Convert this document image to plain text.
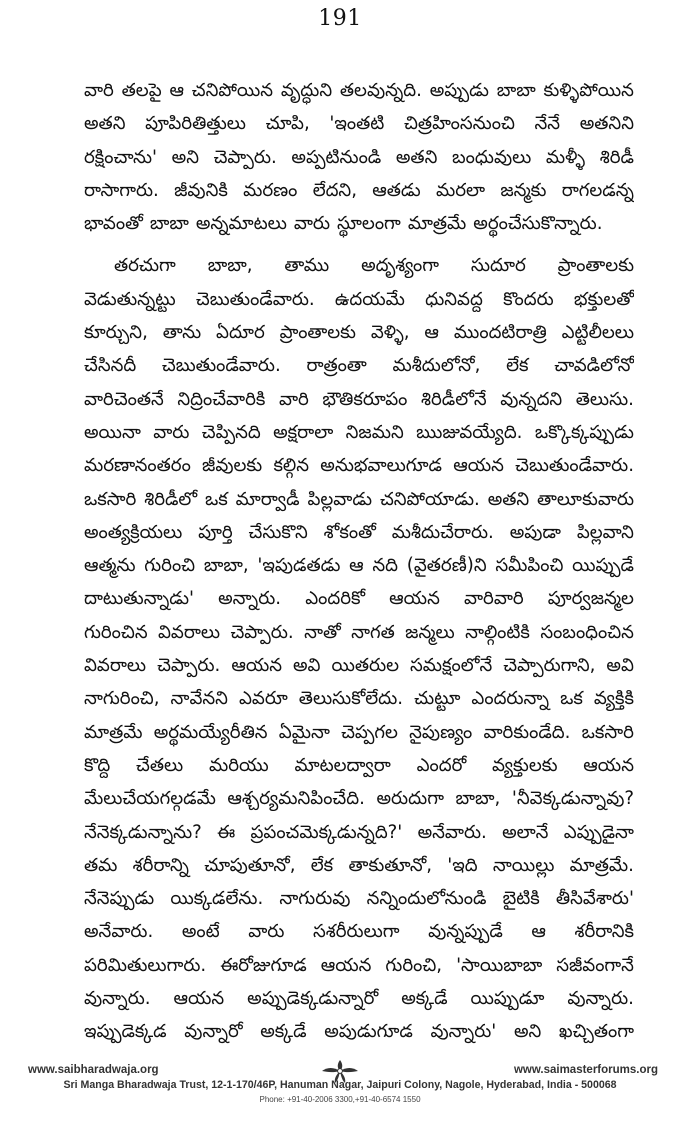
191
వారి తలపై ఆ చనిపోయిన వృద్ధుని తలవున్నది. అప్పుడు బాబా కుళ్ళిపోయిన
అతని పూపిరితిత్తులు చూపి, 'ఇంతటి చిత్రహింసనుంచి నేనే అతనిని
రక్షించాను' అని చెప్పారు. అప్పటినుండి అతని బంధువులు మళ్ళీ శిరిడీ
రాసాగారు. జీవునికి మరణం లేదని, ఆతడు మరలా జన్మకు రాగలడన్న
భావంతో బాబా అన్నమాటలు వారు స్థూలంగా మాత్రమే అర్థంచేసుకొన్నారు.
తరచుగా బాబా, తాము అదృశ్యంగా సుదూర ప్రాంతాలకు
వెడుతున్నట్టు చెబుతుండేవారు. ఉదయమే ధునివద్ద కొందరు భక్తులతో
కూర్చుని, తాను ఏదూర ప్రాంతాలకు వెళ్ళి, ఆ ముందటిరాత్రి ఎట్టిలీలలు
చేసినదీ చెబుతుండేవారు. రాత్రంతా మశీదులోనో, లేక చావడిలోనో
వారిచెంతనే నిద్రించేవారికి వారి భౌతికరూపం శిరిడీలోనే వున్నదని తెలుసు.
అయినా వారు చెప్పినది అక్షరాలా నిజమని ఋజువయ్యేది. ఒక్కొక్కప్పుడు
మరణానంతరం జీవులకు కల్గిన అనుభవాలుగూడ ఆయన చెబుతుండేవారు.
ఒకసారి శిరిడీలో ఒక మార్వాడీ పిల్లవాడు చనిపోయాడు. అతని తాలూకువారు
అంత్యక్రియలు పూర్తి చేసుకొని శోకంతో మశీదుచేరారు. అపుడా పిల్లవాని
ఆత్మను గురించి బాబా, 'ఇపుడతడు ఆ నది (వైతరణీ)ని సమీపించి యిప్పుడే
దాటుతున్నాడు' అన్నారు. ఎందరికో ఆయన వారివారి పూర్వజన్మల
గురించిన వివరాలు చెప్పారు. నాతో నాగత జన్మలు నాల్గింటికి సంబంధించిన
వివరాలు చెప్పారు. ఆయన అవి యితరుల సమక్షంలోనే చెప్పారుగాని, అవి
నాగురించి, నావేనని ఎవరూ తెలుసుకోలేదు. చుట్టూ ఎందరున్నా ఒక వ్యక్తికి
మాత్రమే అర్థమయ్యేరీతిన ఏమైనా చెప్పగల నైపుణ్యం వారికుండేది. ఒకసారి
కొద్ది చేతలు మరియు మాటలద్వారా ఎందరో వ్యక్తులకు ఆయన
మేలుచేయగల్గడమే ఆశ్చర్యమనిపించేది. అరుదుగా బాబా, 'నీవెక్కడున్నావు?
నేనెక్కడున్నాను? ఈ ప్రపంచమెక్కడున్నది?' అనేవారు. అలానే ఎప్పుడైనా
తమ శరీరాన్ని చూపుతూనో, లేక తాకుతూనో, 'ఇది నాయిల్లు మాత్రమే.
నేనెప్పుడు యిక్కడలేను. నాగురువు నన్నిందులోనుండి బైటికి తీసివేశారు'
అనేవారు. అంటే వారు సశరీరులుగా వున్నప్పుడే ఆ శరీరానికి
పరిమితులుగారు. ఈరోజుగూడ ఆయన గురించి, 'సాయిబాబా సజీవంగానే
వున్నారు. ఆయన అప్పుడెక్కడున్నారో అక్కడే యిప్పుడూ వున్నారు.
ఇప్పుడెక్కడ వున్నారో అక్కడే అపుడుగూడ వున్నారు' అని ఖచ్చితంగా
www.saibharadwaja.org	www.saimasterforums.org
Sri Manga Bharadwaja Trust, 12-1-170/46P, Hanuman Nagar, Jaipuri Colony, Nagole, Hyderabad, India - 500068
Phone: +91-40-2006 3300,+91-40-6574 1550
